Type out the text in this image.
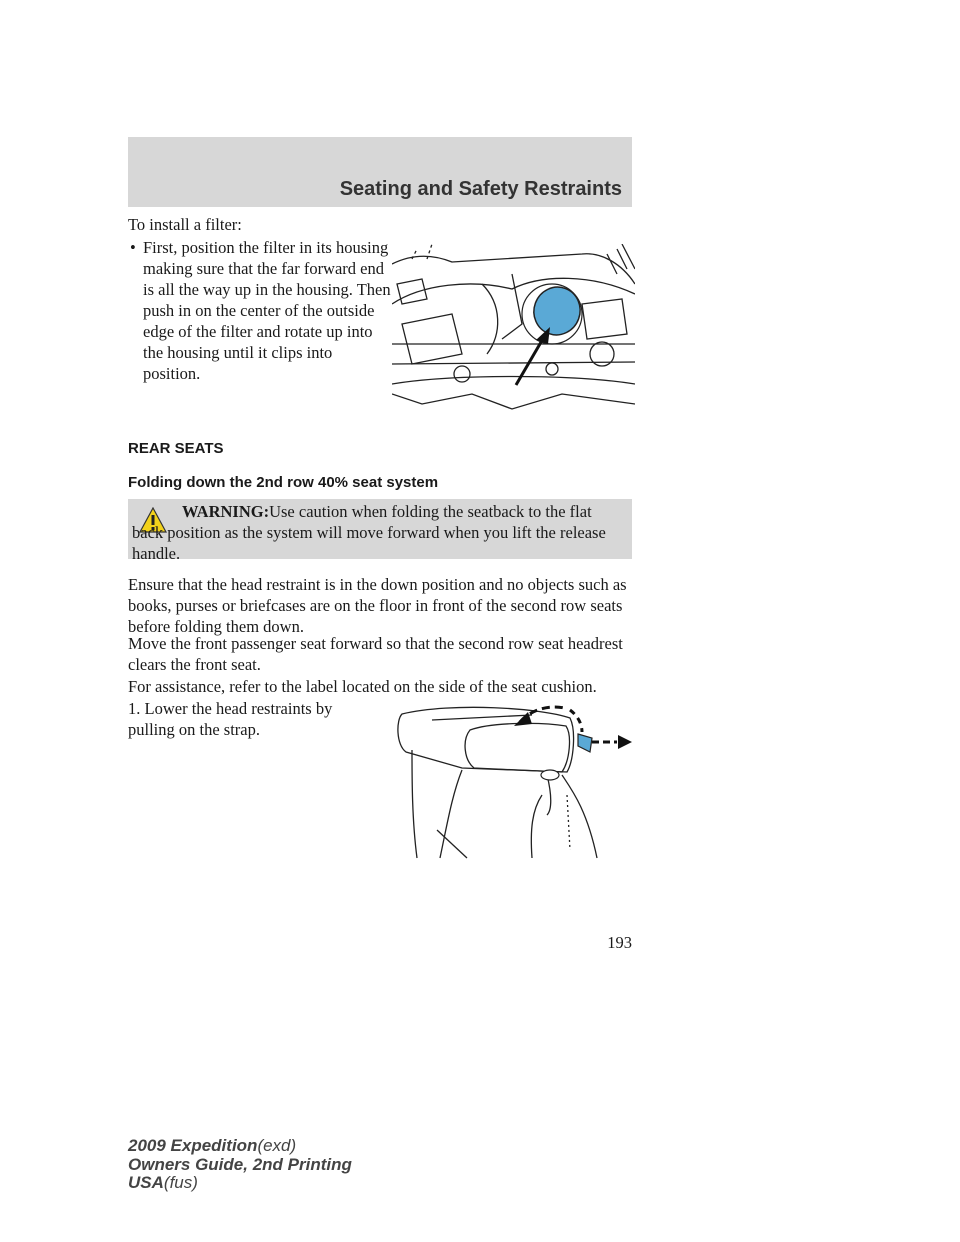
Seating and Safety Restraints
To install a filter:
• First, position the filter in its housing making sure that the far forward end is all the way up in the housing. Then push in on the center of the outside edge of the filter and rotate up into the housing until it clips into position.
REAR SEATS
Folding down the 2nd row 40% seat system
WARNING:Use caution when folding the seatback to the flat back position as the system will move forward when you lift the release handle.
Ensure that the head restraint is in the down position and no objects such as books, purses or briefcases are on the floor in front of the second row seats before folding them down.
Move the front passenger seat forward so that the second row seat headrest clears the front seat.
For assistance, refer to the label located on the side of the seat cushion.
1. Lower the head restraints by pulling on the strap.
193
2009 Expedition(exd)
Owners Guide, 2nd Printing
USA(fus)
